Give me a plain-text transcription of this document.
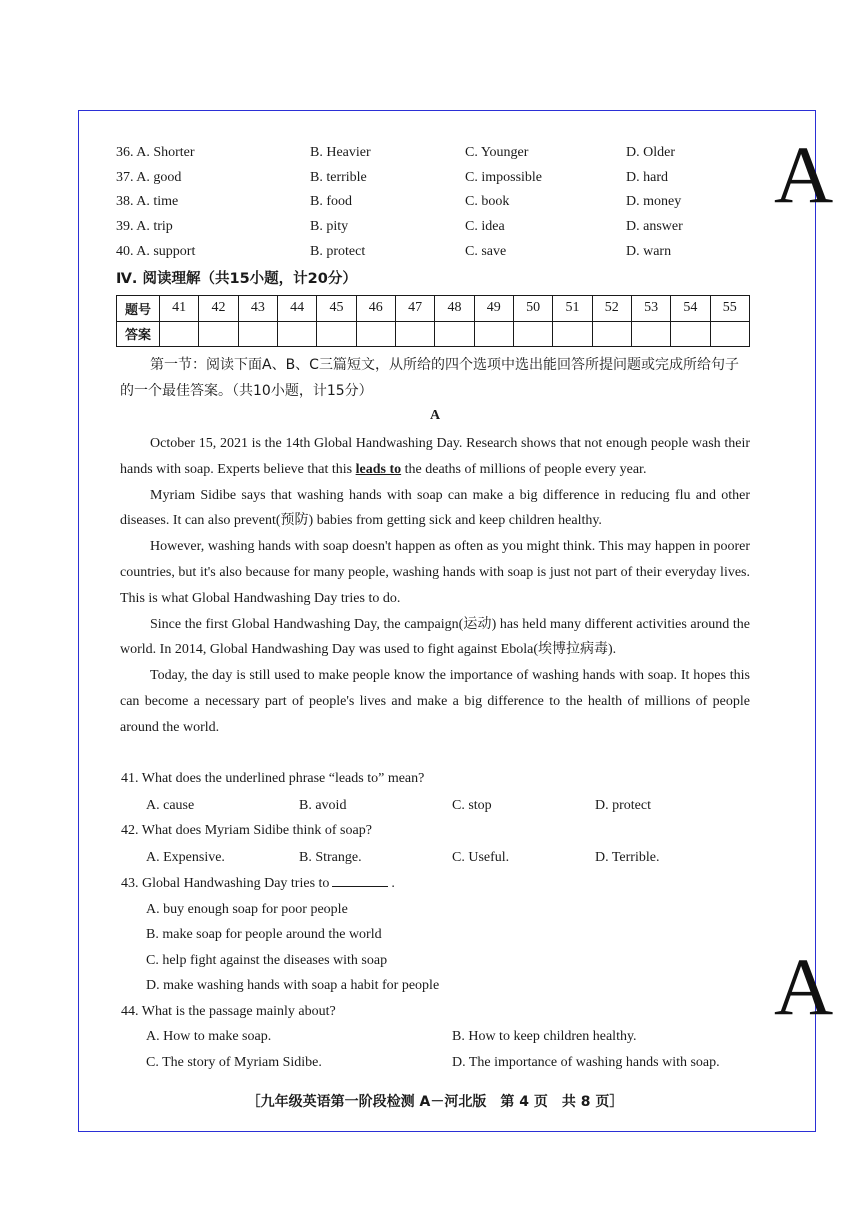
A
A
36. A. Shorter	B. Heavier	C. Younger	D. Older
37. A. good	B. terrible	C. impossible	D. hard
38. A. time	B. food	C. book	D. money
39. A. trip	B. pity	C. idea	D. answer
40. A. support	B. protect	C. save	D. warn
Ⅳ. 阅读理解（共15小题，计20分）
题号	41	42	43	44	45	46	47	48	49	50	51	52	53	54	55
答案															
第一节：阅读下面A、B、C三篇短文，从所给的四个选项中选出能回答所提问题或完成所给句子的一个最佳答案。（共10小题，计15分）
A

October 15, 2021 is the 14th Global Handwashing Day. Research shows that not enough people wash their hands with soap. Experts believe that this leads to the deaths of millions of people every year.

Myriam Sidibe says that washing hands with soap can make a big difference in reducing flu and other diseases. It can also prevent(预防) babies from getting sick and keep children healthy.

However, washing hands with soap doesn't happen as often as you might think. This may happen in poorer countries, but it's also because for many people, washing hands with soap is just not part of their everyday lives. This is what Global Handwashing Day tries to do.

Since the first Global Handwashing Day, the campaign(运动) has held many different activities around the world. In 2014, Global Handwashing Day was used to fight against Ebola(埃博拉病毒).

Today, the day is still used to make people know the importance of washing hands with soap. It hopes this can become a necessary part of people's lives and make a big difference to the health of millions of people around the world.

41. What does the underlined phrase “leads to” mean?
A. cause	B. avoid	C. stop	D. protect
42. What does Myriam Sidibe think of soap?
A. Expensive.	B. Strange.	C. Useful.	D. Terrible.
43. Global Handwashing Day tries to	.
A. buy enough soap for poor people
B. make soap for people around the world
C. help fight against the diseases with soap
D. make washing hands with soap a habit for people
44. What is the passage mainly about?
A. How to make soap.	B. How to keep children healthy.
C. The story of Myriam Sidibe.	D. The importance of washing hands with soap.
［九年级英语第一阶段检测 A－河北版　第 4 页　共 8 页］
